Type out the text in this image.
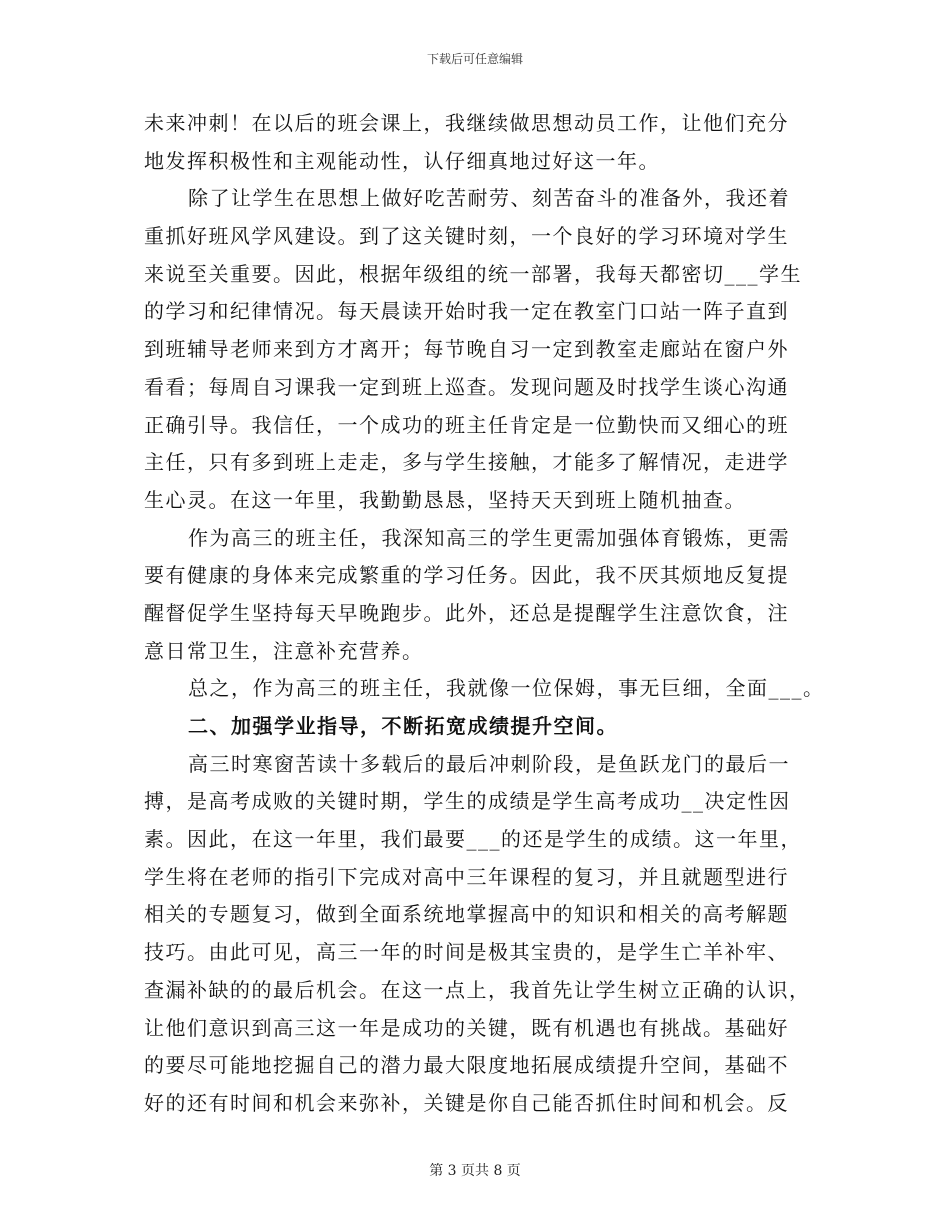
下载后可任意编辑
未来冲刺！在以后的班会课上，我继续做思想动员工作，让他们充分
地发挥积极性和主观能动性，认仔细真地过好这一年。
除了让学生在思想上做好吃苦耐劳、刻苦奋斗的准备外，我还着
重抓好班风学风建设。到了这关键时刻，一个良好的学习环境对学生
来说至关重要。因此，根据年级组的统一部署，我每天都密切___学生
的学习和纪律情况。每天晨读开始时我一定在教室门口站一阵子直到
到班辅导老师来到方才离开；每节晚自习一定到教室走廊站在窗户外
看看；每周自习课我一定到班上巡查。发现问题及时找学生谈心沟通
正确引导。我信任，一个成功的班主任肯定是一位勤快而又细心的班
主任，只有多到班上走走，多与学生接触，才能多了解情况，走进学
生心灵。在这一年里，我勤勤恳恳，坚持天天到班上随机抽查。
作为高三的班主任，我深知高三的学生更需加强体育锻炼，更需
要有健康的身体来完成繁重的学习任务。因此，我不厌其烦地反复提
醒督促学生坚持每天早晚跑步。此外，还总是提醒学生注意饮食，注
意日常卫生，注意补充营养。
总之，作为高三的班主任，我就像一位保姆，事无巨细，全面___。
二、加强学业指导，不断拓宽成绩提升空间。
高三时寒窗苦读十多载后的最后冲刺阶段，是鱼跃龙门的最后一
搏，是高考成败的关键时期，学生的成绩是学生高考成功__决定性因
素。因此，在这一年里，我们最要___的还是学生的成绩。这一年里，
学生将在老师的指引下完成对高中三年课程的复习，并且就题型进行
相关的专题复习，做到全面系统地掌握高中的知识和相关的高考解题
技巧。由此可见，高三一年的时间是极其宝贵的，是学生亡羊补牢、
查漏补缺的的最后机会。在这一点上，我首先让学生树立正确的认识，
让他们意识到高三这一年是成功的关键，既有机遇也有挑战。基础好
的要尽可能地挖掘自己的潜力最大限度地拓展成绩提升空间，基础不
好的还有时间和机会来弥补，关键是你自己能否抓住时间和机会。反
第 3 页共 8 页
